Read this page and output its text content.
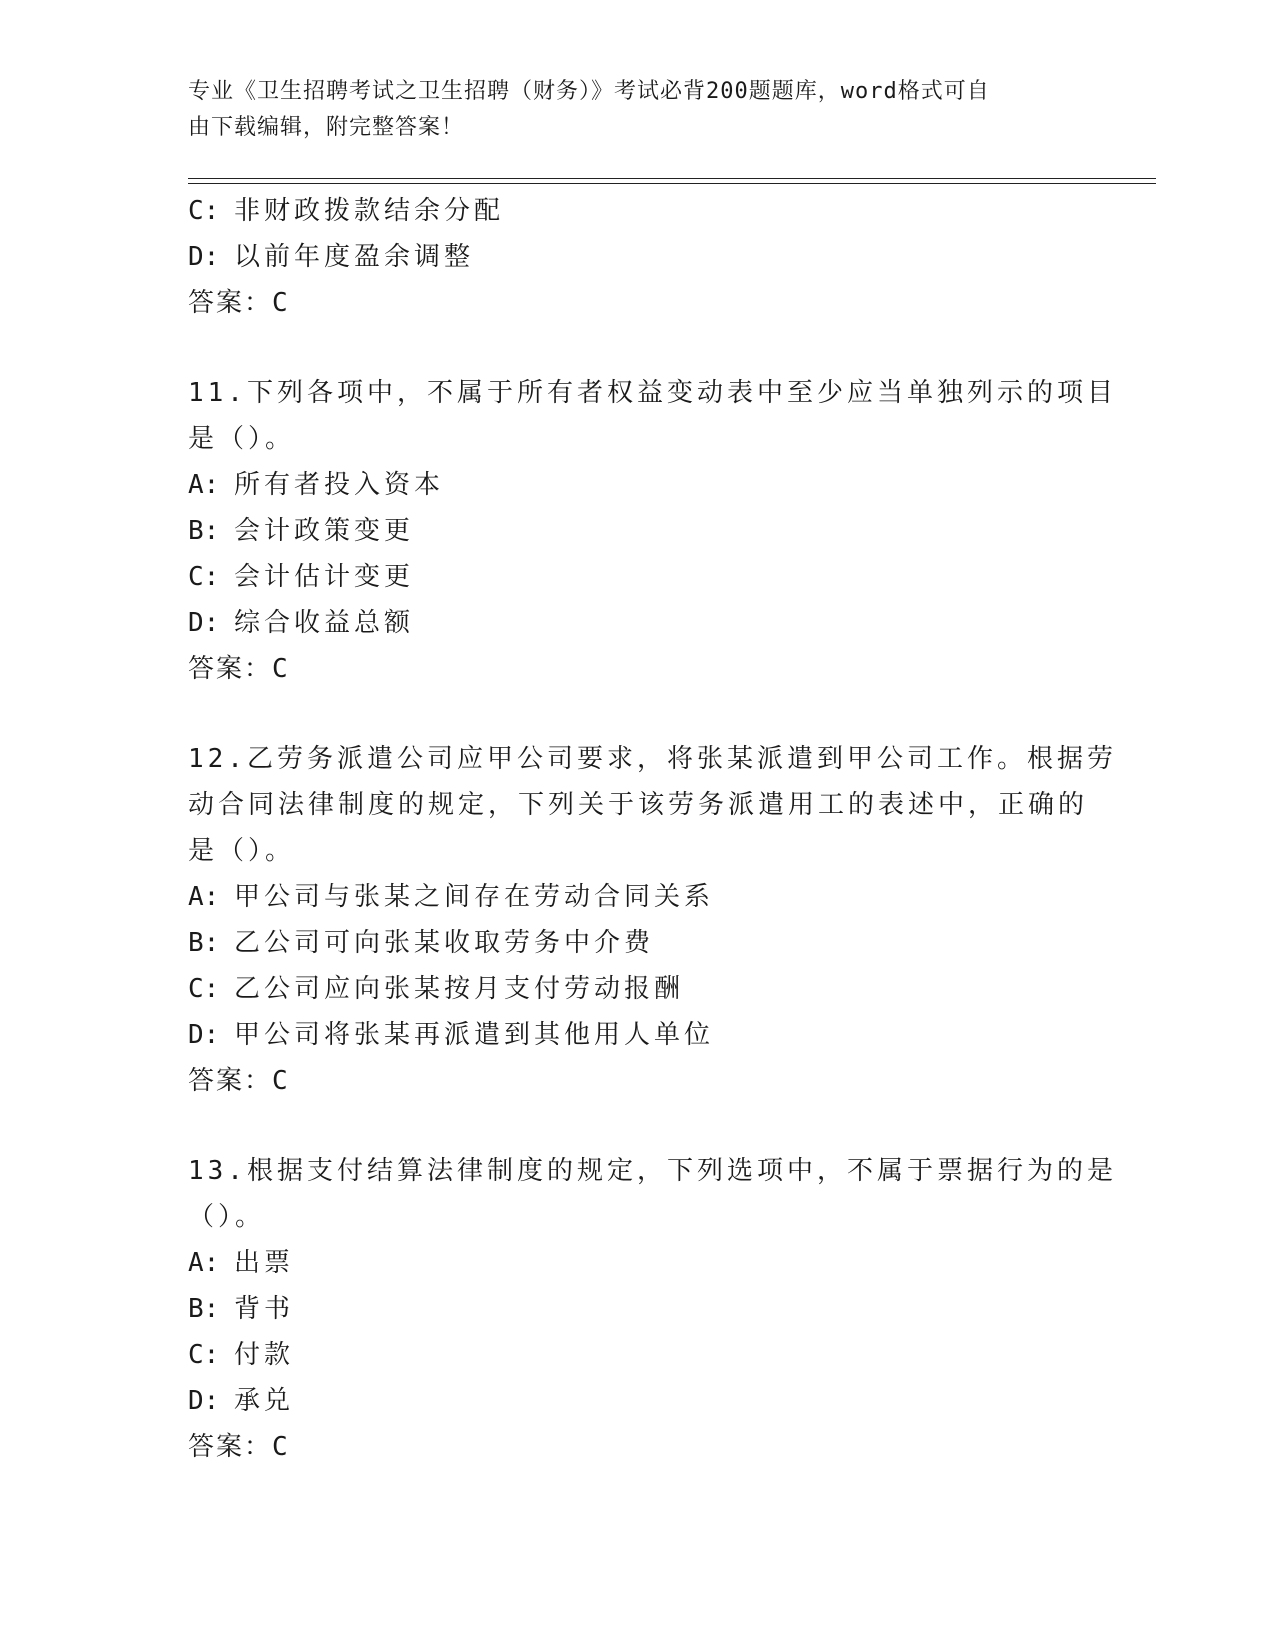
专业《卫生招聘考试之卫生招聘（财务）》考试必背200题题库，word格式可自
由下载编辑，附完整答案！
C: 非财政拨款结余分配
D: 以前年度盈余调整
答案：C
11.下列各项中，不属于所有者权益变动表中至少应当单独列示的项目
是（）。
A: 所有者投入资本
B: 会计政策变更
C: 会计估计变更
D: 综合收益总额
答案：C
12.乙劳务派遣公司应甲公司要求，将张某派遣到甲公司工作。根据劳
动合同法律制度的规定，下列关于该劳务派遣用工的表述中，正确的
是（）。
A: 甲公司与张某之间存在劳动合同关系
B: 乙公司可向张某收取劳务中介费
C: 乙公司应向张某按月支付劳动报酬
D: 甲公司将张某再派遣到其他用人单位
答案：C
13.根据支付结算法律制度的规定，下列选项中，不属于票据行为的是
（）。
A: 出票
B: 背书
C: 付款
D: 承兑
答案：C
